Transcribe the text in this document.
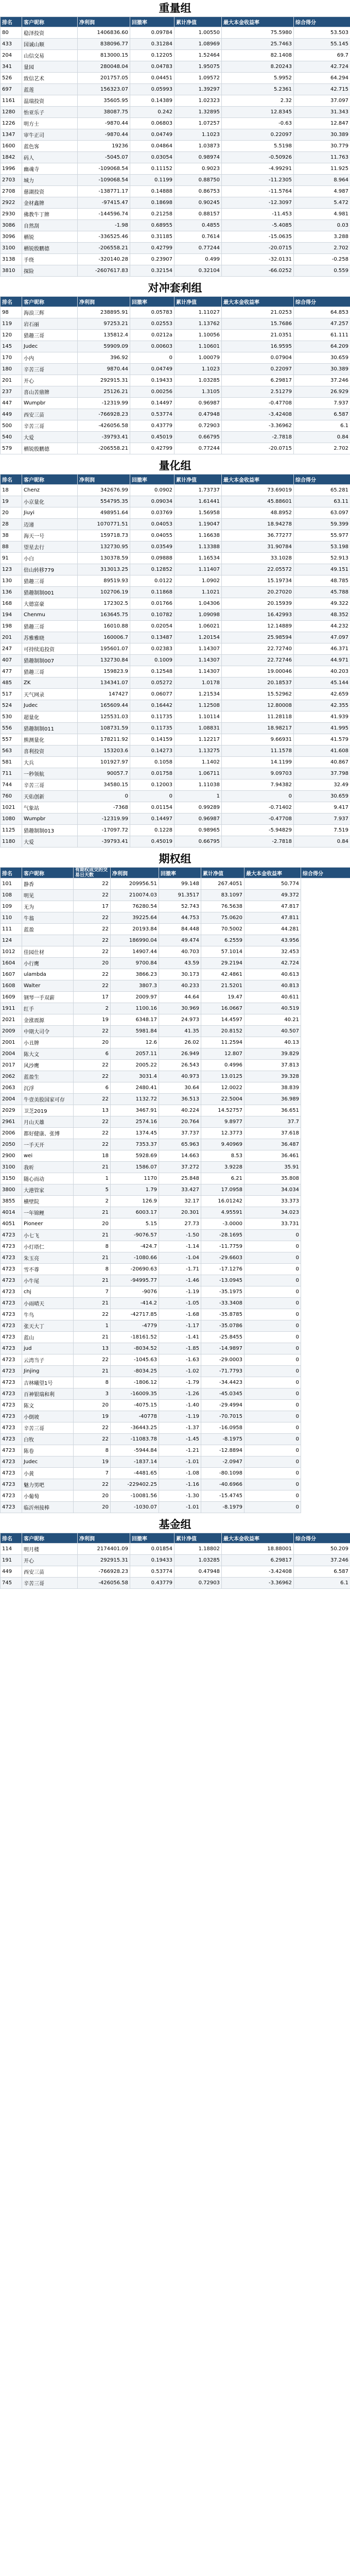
重量组
排名	客户昵称	净利润	回撤率	累计净值	最大本金收益率	综合得分
80	稳泽投资	1406836.60	0.09784	1.00550	75.5980	53.503
433	国诚山顺	838096.77	0.31284	1.08969	25.7463	55.145
204	山信交易	813000.15	0.12205	1.52464	82.1408	69.7
341	量园	280048.04	0.04783	1.95075	8.20243	42.724
526	致信艺术	201757.05	0.04451	1.09572	5.9952	64.294
697	蓝莲	156323.07	0.05993	1.39297	5.2361	42.715
1161	温瑞投资	35605.95	0.14389	1.02323	2.32	37.097
1280	怡亚乐子	38087.75	0.242	1.32895	12.8345	31.343
1226	明方士	-9870.44	0.06803	1.07257	-0.63	12.847
1347	审牛正司	-9870.44	0.04749	1.1023	0.22097	30.389
1600	蓝色客	19236	0.04864	1.03873	5.5198	30.779
1842	码人	-5045.07	0.03054	0.98974	-0.50926	11.763
1996	幽魂寺	-109068.54	0.11152	0.9023	-4.99291	11.925
2703	城力	-109068.54	0.1199	0.88750	-11.2305	8.964
2708	慈湖投资	-138771.17	0.14888	0.86753	-11.5764	4.987
2922	金材鑫牌	-97415.47	0.18698	0.90245	-12.3097	5.472
2930	佛教牛丁牌	-144596.74	0.21258	0.88157	-11.453	4.981
3086	自然刮	-1.98	0.68955	0.4855	-5.4085	0.03
3096	栖锐	-336525.46	0.31185	0.7614	-15.0635	3.288
3100	栖锐殷鹏德	-206558.21	0.42799	0.77244	-20.0715	2.702
3138	手绕	-320140.28	0.23907	0.499	-32.0131	-0.258
3810	探险	-2607617.83	0.32154	0.32104	-66.0252	0.559
对冲套利组
排名	客户昵称	净利润	回撤率	累计净值	最大本金收益率	综合得分
98	海浪三辉	238895.91	0.05783	1.11027	21.0253	64.853
119	岩石丽	97253.21	0.02553	1.13762	15.7686	47.257
120	猎趣三哥	135812.4	0.0212a	1.10056	21.0351	61.111
145	Judec	59909.09	0.00603	1.10601	16.9595	64.209
170	小内	396.92	0	1.00079	0.07904	30.659
180	辛苦三哥	9870.44	0.04749	1.1023	0.22097	30.389
201	开心	292915.31	0.19433	1.03285	6.29817	37.246
237	喜山苦鼎牌	25126.21	0.00256	1.3105	2.51279	26.929
447	Wumpbr	-12319.99	0.14497	0.96987	-0.47708	7.937
449	西安三苗	-766928.23	0.53774	0.47948	-3.42408	6.587
500	辛苦三哥	-426056.58	0.43779	0.72903	-3.36962	6.1
540	大爱	-39793.41	0.45019	0.66795	-2.7818	0.84
579	栖锐殷鹏德	-206558.21	0.42799	0.77244	-20.0715	2.702
量化组
排名	客户昵称	净利润	回撤率	累计净值	最大本金收益率	综合得分
18	Chenz	342676.99	0.0902	1.73737	73.69019	65.281
19	小京量化	554795.35	0.09034	1.61441	45.88601	63.11
20	Jiuyi	498951.64	0.03769	1.56958	48.8952	63.097
28	迈递	1070771.51	0.04053	1.19047	18.94278	59.399
38	海天一号	159718.73	0.04055	1.16638	36.77277	55.977
88	望星去行	132730.95	0.03549	1.13388	31.90784	53.198
91	小白	130378.59	0.09888	1.16534	33.1028	52.913
123	倍山转移779	313013.25	0.12852	1.11407	22.05572	49.151
130	猎趣三哥	89519.93	0.0122	1.0902	15.19734	48.785
136	猎趣制制001	102706.19	0.11868	1.1021	20.27020	45.788
168	大德富豪	172302.5	0.01766	1.04306	20.15939	49.322
194	Chenmu	163645.75	0.10782	1.09098	16.42993	48.352
198	猎趣三哥	16010.88	0.02054	1.06021	12.14889	44.232
201	苏雅雅晓	160006.7	0.13487	1.20154	25.98594	47.097
247	可持续追投资	195601.07	0.02383	1.14307	22.72740	46.371
407	猎趣制制007	132730.84	0.1009	1.14307	22.72746	44.971
477	猎趣三哥	159823.9	0.12548	1.14307	19.00046	40.203
485	ZK	134341.07	0.05272	1.0178	20.18537	45.144
517	天气网录	147427	0.06077	1.21534	15.52962	42.659
524	Judec	165609.44	0.16442	1.12508	12.80008	42.355
530	超量化	125531.03	0.11735	1.10114	11.28118	41.939
556	猎趣制制011	108731.59	0.11735	1.08831	18.98217	41.995
557	熊测量化	178211.92	0.14159	1.12217	9.66931	41.579
563	喜利投资	153203.6	0.14273	1.13275	11.1578	41.608
581	大兵	101927.97	0.1058	1.1402	14.1199	40.867
711	一秒领航	90057.7	0.01758	1.06711	9.09703	37.798
744	辛苦三哥	34580.15	0.12003	1.11038	7.94382	32.49
760	天佑创新	0	0	1	0	30.659
1021	气象站	-7368	0.01154	0.99289	-0.71402	9.417
1080	Wumpbr	-12319.99	0.14497	0.96987	-0.47708	7.937
1125	猎趣制制013	-17097.72	0.1228	0.98965	-5.94829	7.519
1180	大爱	-39793.41	0.45019	0.66795	-2.7818	0.84
期权组
排名	客户昵称	有期权成交的交易日天数	净利润	回撤率	累计净值	最大本金收益率	综合得分
101	静香	22	209956.51	99.148	267.4051	50.774	
108	明见	22	210074.03	91.3517	83.1097	49.372	
109	无为	17	76280.54	52.743	76.5638	47.817	
110	牛翁	22	39225.64	44.753	75.0620	47.811	
111	蓝盈	22	20193.84	84.448	70.5002	44.281	
124		22	186990.04	49.474	6.2559	43.956	
1012	佳园仕材	22	14907.44	40.703	57.1014	32.453	
1604	小行鹰	20	9700.84	43.59	29.2194	42.724	
1607	ulambda	22	3866.23	30.173	42.4861	40.613	
1608	Walter	22	3807.3	40.233	21.5201	40.813	
1609	钢琴一手双薪	17	2009.97	44.64	19.47	40.611	
1911	红手	2	1100.16	30.969	16.0667	40.519	
2021	金涨震源	19	6348.17	24.973	14.4597	40.21	
2009	中期大司令	22	5981.84	41.35	20.8152	40.507	
2001	小丑牌	20	12.6	26.02	11.2594	40.13	
2004	陈大文	6	2057.11	26.949	12.807	39.829	
2017	风沙鹰	22	2005.22	26.543	0.4996	37.813	
2062	蓝盈生	22	3031.4	40.973	13.0125	39.328	
2063	沉浮	6	2480.41	30.64	12.0022	38.839	
2004	牛壹美股国家可存	22	1132.72	36.513	22.5004	36.989	
2029	卫芝2019	13	3467.91	40.224	14.52757	36.651	
2961	月山天雄	22	2574.16	20.764	9.8977	37.7	
2006	都好健康、张博	22	1374.45	37.737	12.3773	37.618	
2050	一手天开	22	7353.37	65.963	9.40969	36.487	
2900	wei	18	5928.69	14.663	8.53	36.461	
3100	我听	21	1586.07	37.272	3.9228	35.91	
3150	随心而动	1	1170	25.848	6.21	35.808	
3800	大港管家	5	1.79	33.427	17.0958	34.034	
3855	横壁院	2	126.9	32.17	16.01242	33.373	
4014	一年锦鲤	21	6003.17	20.301	4.95591	34.023	
4051	Pioneer	20	5.15	27.73	-3.0000	33.731	
4723	小七飞	21	-9076.57	-1.50	-28.1695	0	
4723	小灯塔仁	8	-424.7	-1.14	-11.7759	0	
4723	朱玉亮	21	-1080.66	-1.04	-29.6603	0	
4723	雪不尊	8	-20690.63	-1.71	-17.1276	0	
4723	小牛尾	21	-94995.77	-1.46	-13.0945	0	
4723	chj	7	-9076	-1.19	-35.1975	0	
4723	小雨晴天	21	-414.2	-1.05	-33.3408	0	
4723	牛鸟	22	-42717.85	-1.68	-35.8785	0	
4723	张天大丁	1	-4779	-1.17	-35.0786	0	
4723	蓝山	21	-18161.52	-1.41	-25.8455	0	
4723	jud	13	-8034.52	-1.85	-14.9897	0	
4723	云湾当子	22	-1045.63	-1.63	-29.0003	0	
4723	Jinjing	21	-8034.25	-1.02	-71.7793	0	
4723	吉林曦望1号	8	-1806.12	-1.79	-34.4423	0	
4723	百神银瑞和利	3	-16009.35	-1.26	-45.0345	0	
4723	陈文	20	-4075.15	-1.40	-29.4994	0	
4723	小倒坡	19	-40778	-1.19	-70.7015	0	
4723	辛苦三哥	22	-36443.25	-1.37	-16.0958	0	
4723	白牧	22	-11083.78	-1.45	-8.1975	0	
4723	陈卷	8	-5944.84	-1.21	-12.8894	0	
4723	Judec	19	-1837.14	-1.01	-2.0947	0	
4723	小黄	7	-4481.65	-1.08	-80.1098	0	
4723	魅力男吧	22	-229402.25	-1.16	-40.6966	0	
4723	小葡萄	20	-10081.56	-1.30	-15.4745	0	
4723	临沂州接棒	20	-1030.07	-1.01	-8.1979	0	
基金组
排名	客户昵称	净利润	回撤率	累计净值	最大本金收益率	综合得分
114	明月楼	2174401.09	0.01854	1.18802	18.88001	50.209
191	开心	292915.31	0.19433	1.03285	6.29817	37.246
449	西安三苗	-766928.23	0.53774	0.47948	-3.42408	6.587
745	辛苦三哥	-426056.58	0.43779	0.72903	-3.36962	6.1
